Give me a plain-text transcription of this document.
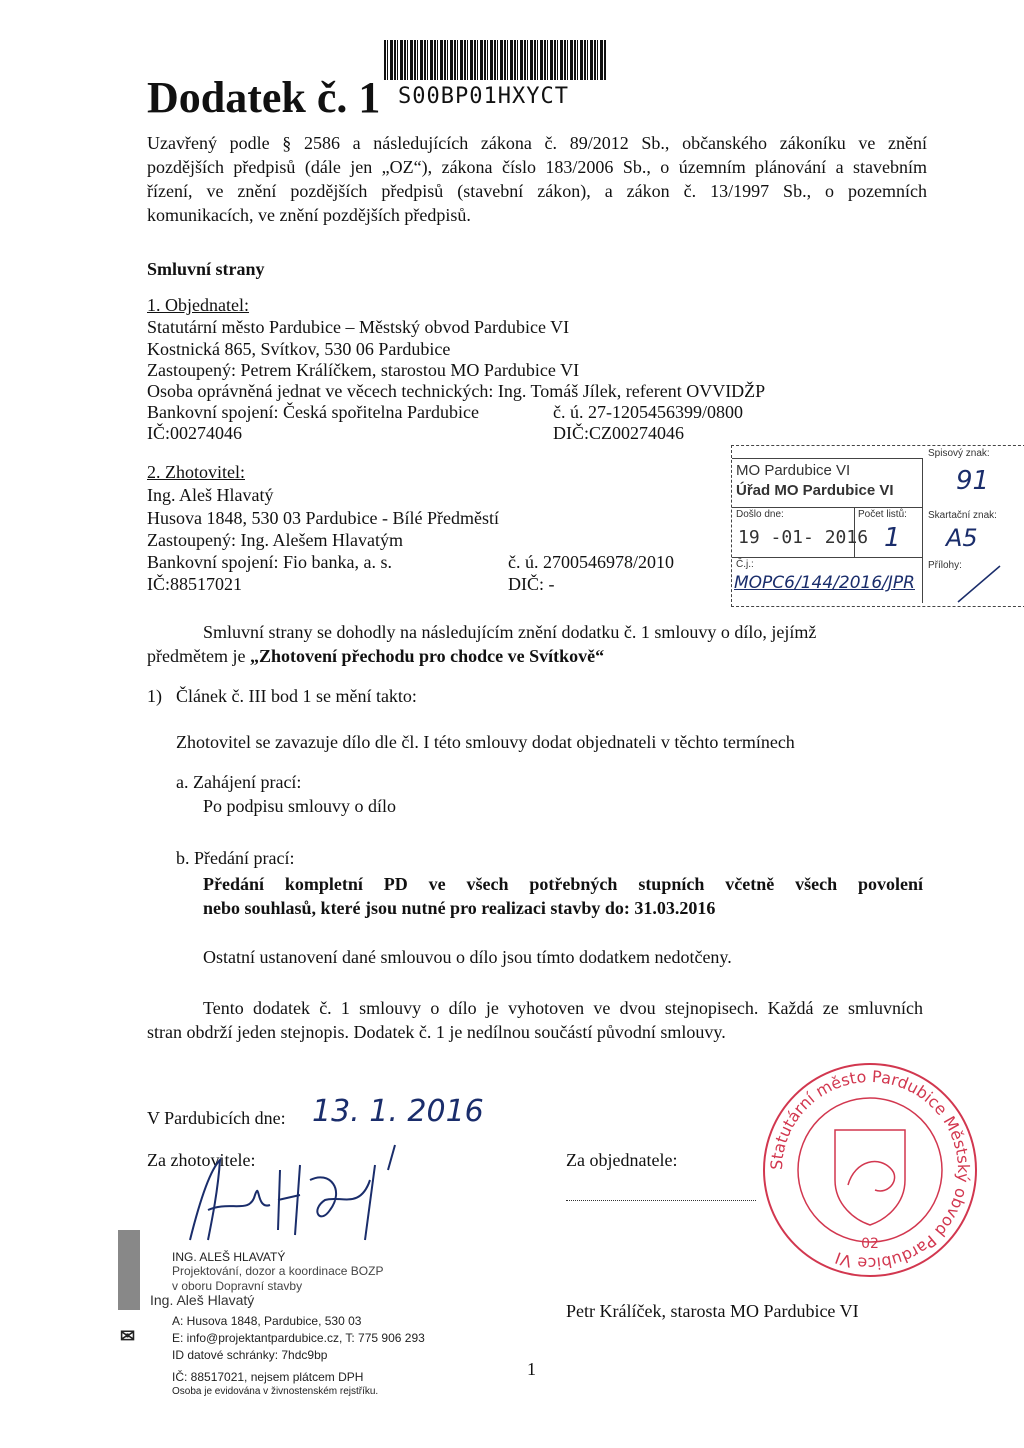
Dodatek č. 1 S00BP01HXYCT
Uzavřený podle § 2586 a následujících zákona č. 89/2012 Sb., občanského zákoníku ve znění
pozdějších předpisů (dále jen „OZ“), zákona číslo 183/2006 Sb., o územním plánování a stavebním
řízení, ve znění pozdějších předpisů (stavební zákon), a zákon č. 13/1997 Sb., o pozemních
komunikacích, ve znění pozdějších předpisů.
Smluvní strany
1. Objednatel:
Statutární město Pardubice – Městský obvod Pardubice VI
Kostnická 865, Svítkov, 530 06 Pardubice
Zastoupený: Petrem Králíčkem, starostou MO Pardubice VI
Osoba oprávněná jednat ve věcech technických: Ing. Tomáš Jílek, referent OVVIDŽP
Bankovní spojení: Česká spořitelna Pardubice	č. ú. 27-1205456399/0800
IČ:00274046	DIČ:CZ00274046
2. Zhotovitel:
Ing. Aleš Hlavatý
Husova 1848, 530 03 Pardubice - Bílé Předměstí
Zastoupený: Ing. Alešem Hlavatým
Bankovní spojení: Fio banka, a. s.	č. ú. 2700546978/2010
IČ:88517021	DIČ: -
MO Pardubice VI
Úřad MO Pardubice VI
Spisový znak:
91
Došlo dne:
19 -01- 2016
Počet listů:
1
Skartační znak:
A5
Č.j.:
MOPC6/144/2016/JPR
Přílohy:
Smluvní strany se dohodly na následujícím znění dodatku č. 1 smlouvy o dílo, jejímž
předmětem je „Zhotovení přechodu pro chodce ve Svítkově“
1) Článek č. III bod 1 se mění takto:
Zhotovitel se zavazuje dílo dle čl. I této smlouvy dodat objednateli v těchto termínech
a. Zahájení prací:
Po podpisu smlouvy o dílo
b. Předání prací:
Předání kompletní PD ve všech potřebných stupních včetně všech povolení
nebo souhlasů, které jsou nutné pro realizaci stavby do: 31.03.2016
Ostatní ustanovení dané smlouvou o dílo jsou tímto dodatkem nedotčeny.
Tento dodatek č. 1 smlouvy o dílo je vyhotoven ve dvou stejnopisech. Každá ze smluvních
stran obdrží jeden stejnopis. Dodatek č. 1 je nedílnou součástí původní smlouvy.
V Pardubicích dne: 13. 1. 2016
Za zhotovitele:	Za objednatele:
Petr Králíček, starosta MO Pardubice VI
Statutární město Pardubice Městský obvod Pardubice VI
02
ING. ALEŠ HLAVATÝ
Projektování, dozor a koordinace BOZP
v oboru Dopravní stavby
Ing. Aleš Hlavatý
A: Husova 1848, Pardubice, 530 03
✉	E: info@projektantpardubice.cz, T: 775 906 293
ID datové schránky: 7hdc9bp
IČ: 88517021, nejsem plátcem DPH
Osoba je evidována v živnostenském rejstříku.
1
